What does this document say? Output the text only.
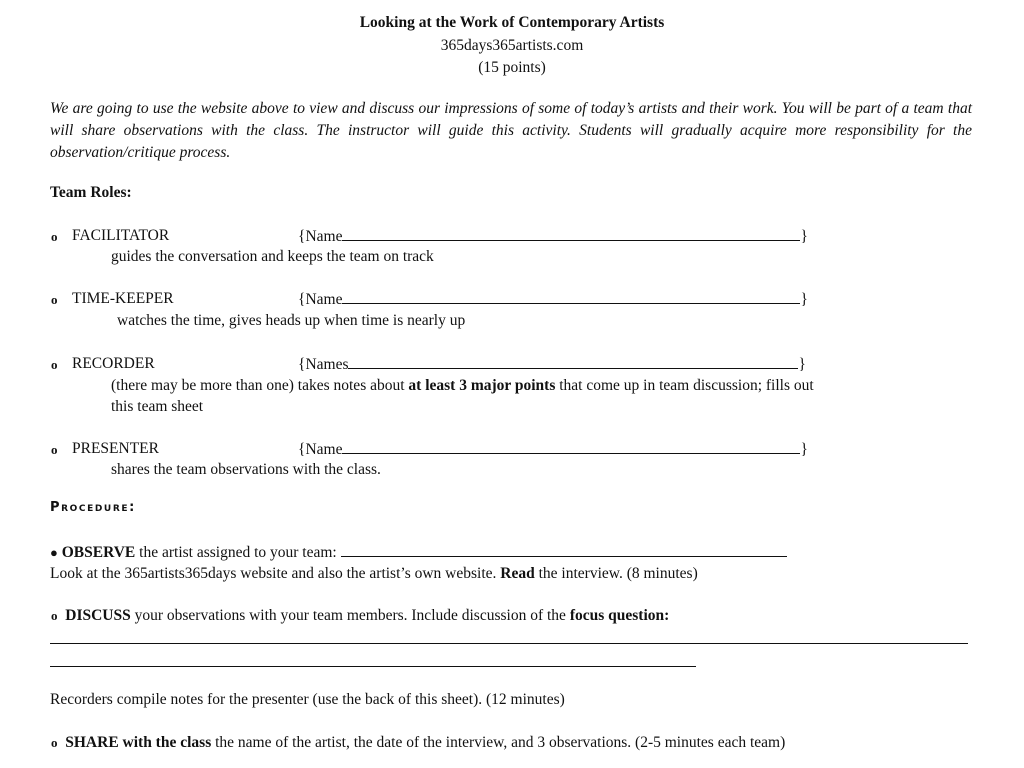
Looking at the Work of Contemporary Artists
365days365artists.com
(15 points)
We are going to use the website above to view and discuss our impressions of some of today’s artists and their work. You will be part of a team that will share observations with the class. The instructor will guide this activity. Students will gradually acquire more responsibility for the observation/critique process.
Team Roles:
o FACILITATOR	{Name	}
guides the conversation and keeps the team on track
o TIME-KEEPER	{Name	}
watches the time, gives heads up when time is nearly up
o RECORDER	{Names	}
(there may be more than one) takes notes about at least 3 major points that come up in team discussion; fills out
this team sheet
o PRESENTER	{Name	}
shares the team observations with the class.
Procedure:
● OBSERVE the artist assigned to your team:
Look at the 365artists365days website and also the artist’s own website. Read the interview. (8 minutes)
o DISCUSS your observations with your team members. Include discussion of the focus question:
Recorders compile notes for the presenter (use the back of this sheet). (12 minutes)
o SHARE with the class the name of the artist, the date of the interview, and 3 observations. (2-5 minutes each team)
